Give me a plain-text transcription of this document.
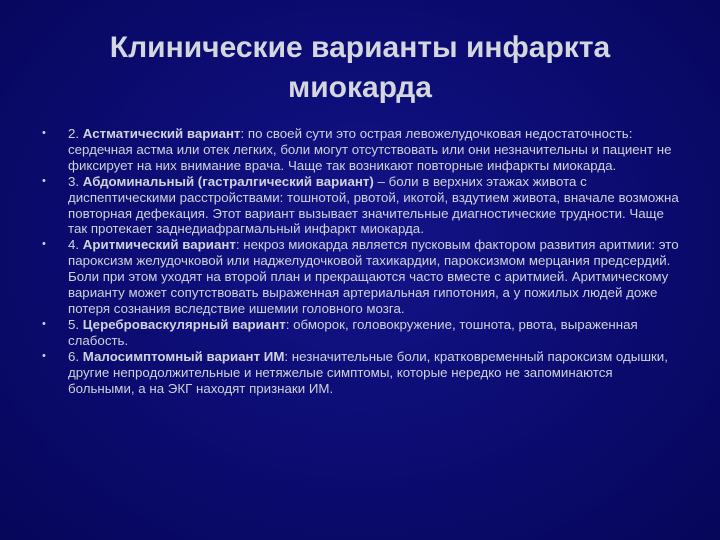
Клинические варианты инфаркта
миокарда
•	2. Астматический вариант: по своей сути это острая левожелудочковая недостаточность: сердечная астма или отек легких, боли могут отсутствовать или они незначительны и пациент не фиксирует на них внимание врача. Чаще так возникают повторные инфаркты миокарда.
•	3. Абдоминальный (гастралгический вариант) – боли в верхних этажах живота с диспептическими расстройствами: тошнотой, рвотой, икотой, вздутием живота, вначале возможна повторная дефекация. Этот вариант вызывает значительные диагностические трудности. Чаще так протекает заднедиафрагмальный инфаркт миокарда.
•	4. Аритмический вариант: некроз миокарда является пусковым фактором развития аритмии: это пароксизм желудочковой или наджелудочковой тахикардии, пароксизмом мерцания предсердий. Боли при этом уходят на второй план и прекращаются часто вместе с аритмией. Аритмическому варианту может сопутствовать выраженная артериальная гипотония, а у пожилых людей доже потеря сознания вследствие ишемии головного мозга.
•	5. Цереброваскулярный вариант: обморок, головокружение, тошнота, рвота, выраженная слабость.
•	6. Малосимптомный вариант ИМ: незначительные боли, кратковременный пароксизм одышки, другие непродолжительные и нетяжелые симптомы, которые нередко не запоминаются больными, а на ЭКГ находят признаки ИМ.
